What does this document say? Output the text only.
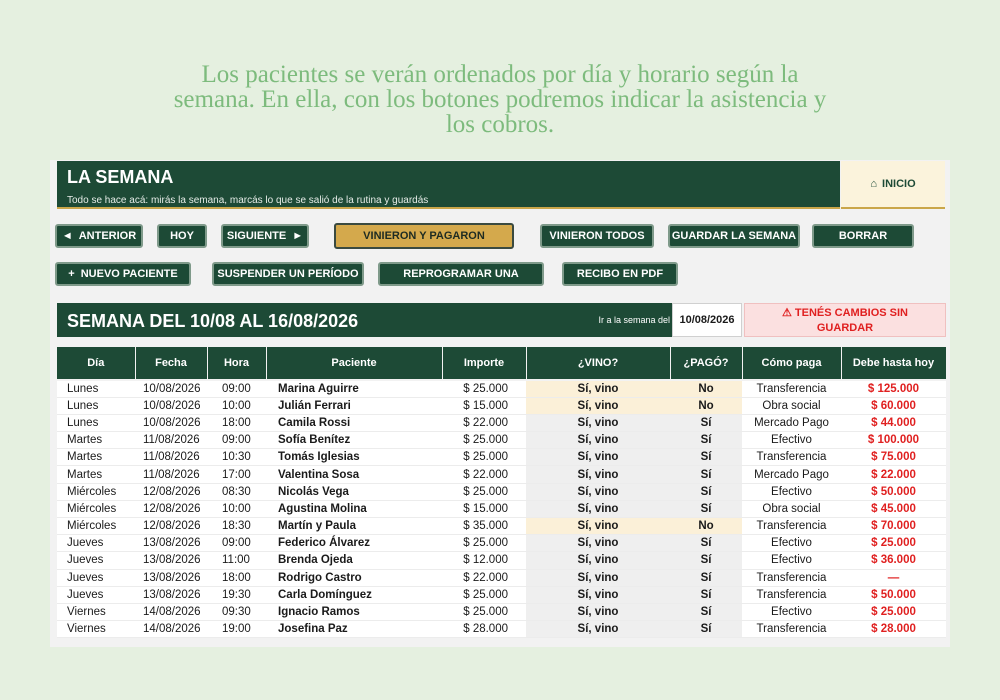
Los pacientes se verán ordenados por día y horario según la
semana. En ella, con los botones podremos indicar la asistencia y
los cobros.
LA SEMANA
Todo se hace acá: mirás la semana, marcás lo que se salió de la rutina y guardás
⌂ INICIO
◄ ANTERIOR	HOY	SIGUIENTE ►	VINIERON Y PAGARON	VINIERON TODOS GUARDAR LA SEMANA	BORRAR
+ NUEVO PACIENTE	SUSPENDER UN PERÍODO	REPROGRAMAR UNA	RECIBO EN PDF
SEMANA DEL 10/08 AL 16/08/2026	Ir a la semana del 10/08/2026
⚠ TENÉS CAMBIOS SIN
GUARDAR
Día	Fecha	Hora	Paciente	Importe	¿VINO?	¿PAGÓ?	Cómo paga	Debe hasta hoy
Lunes	10/08/2026	09:00	Marina Aguirre	$ 25.000	Sí, vino	No	Transferencia	$ 125.000
Lunes	10/08/2026	10:00	Julián Ferrari	$ 15.000	Sí, vino	No	Obra social	$ 60.000
Lunes	10/08/2026	18:00	Camila Rossi	$ 22.000	Sí, vino	Sí	Mercado Pago	$ 44.000
Martes	11/08/2026	09:00	Sofía Benítez	$ 25.000	Sí, vino	Sí	Efectivo	$ 100.000
Martes	11/08/2026	10:30	Tomás Iglesias	$ 25.000	Sí, vino	Sí	Transferencia	$ 75.000
Martes	11/08/2026	17:00	Valentina Sosa	$ 22.000	Sí, vino	Sí	Mercado Pago	$ 22.000
Miércoles	12/08/2026	08:30	Nicolás Vega	$ 25.000	Sí, vino	Sí	Efectivo	$ 50.000
Miércoles	12/08/2026	10:00	Agustina Molina	$ 15.000	Sí, vino	Sí	Obra social	$ 45.000
Miércoles	12/08/2026	18:30	Martín y Paula	$ 35.000	Sí, vino	No	Transferencia	$ 70.000
Jueves	13/08/2026	09:00	Federico Álvarez	$ 25.000	Sí, vino	Sí	Efectivo	$ 25.000
Jueves	13/08/2026	11:00	Brenda Ojeda	$ 12.000	Sí, vino	Sí	Efectivo	$ 36.000
Jueves	13/08/2026	18:00	Rodrigo Castro	$ 22.000	Sí, vino	Sí	Transferencia	—
Jueves	13/08/2026	19:30	Carla Domínguez	$ 25.000	Sí, vino	Sí	Transferencia	$ 50.000
Viernes	14/08/2026	09:30	Ignacio Ramos	$ 25.000	Sí, vino	Sí	Efectivo	$ 25.000
Viernes	14/08/2026	19:00	Josefina Paz	$ 28.000	Sí, vino	Sí	Transferencia	$ 28.000
